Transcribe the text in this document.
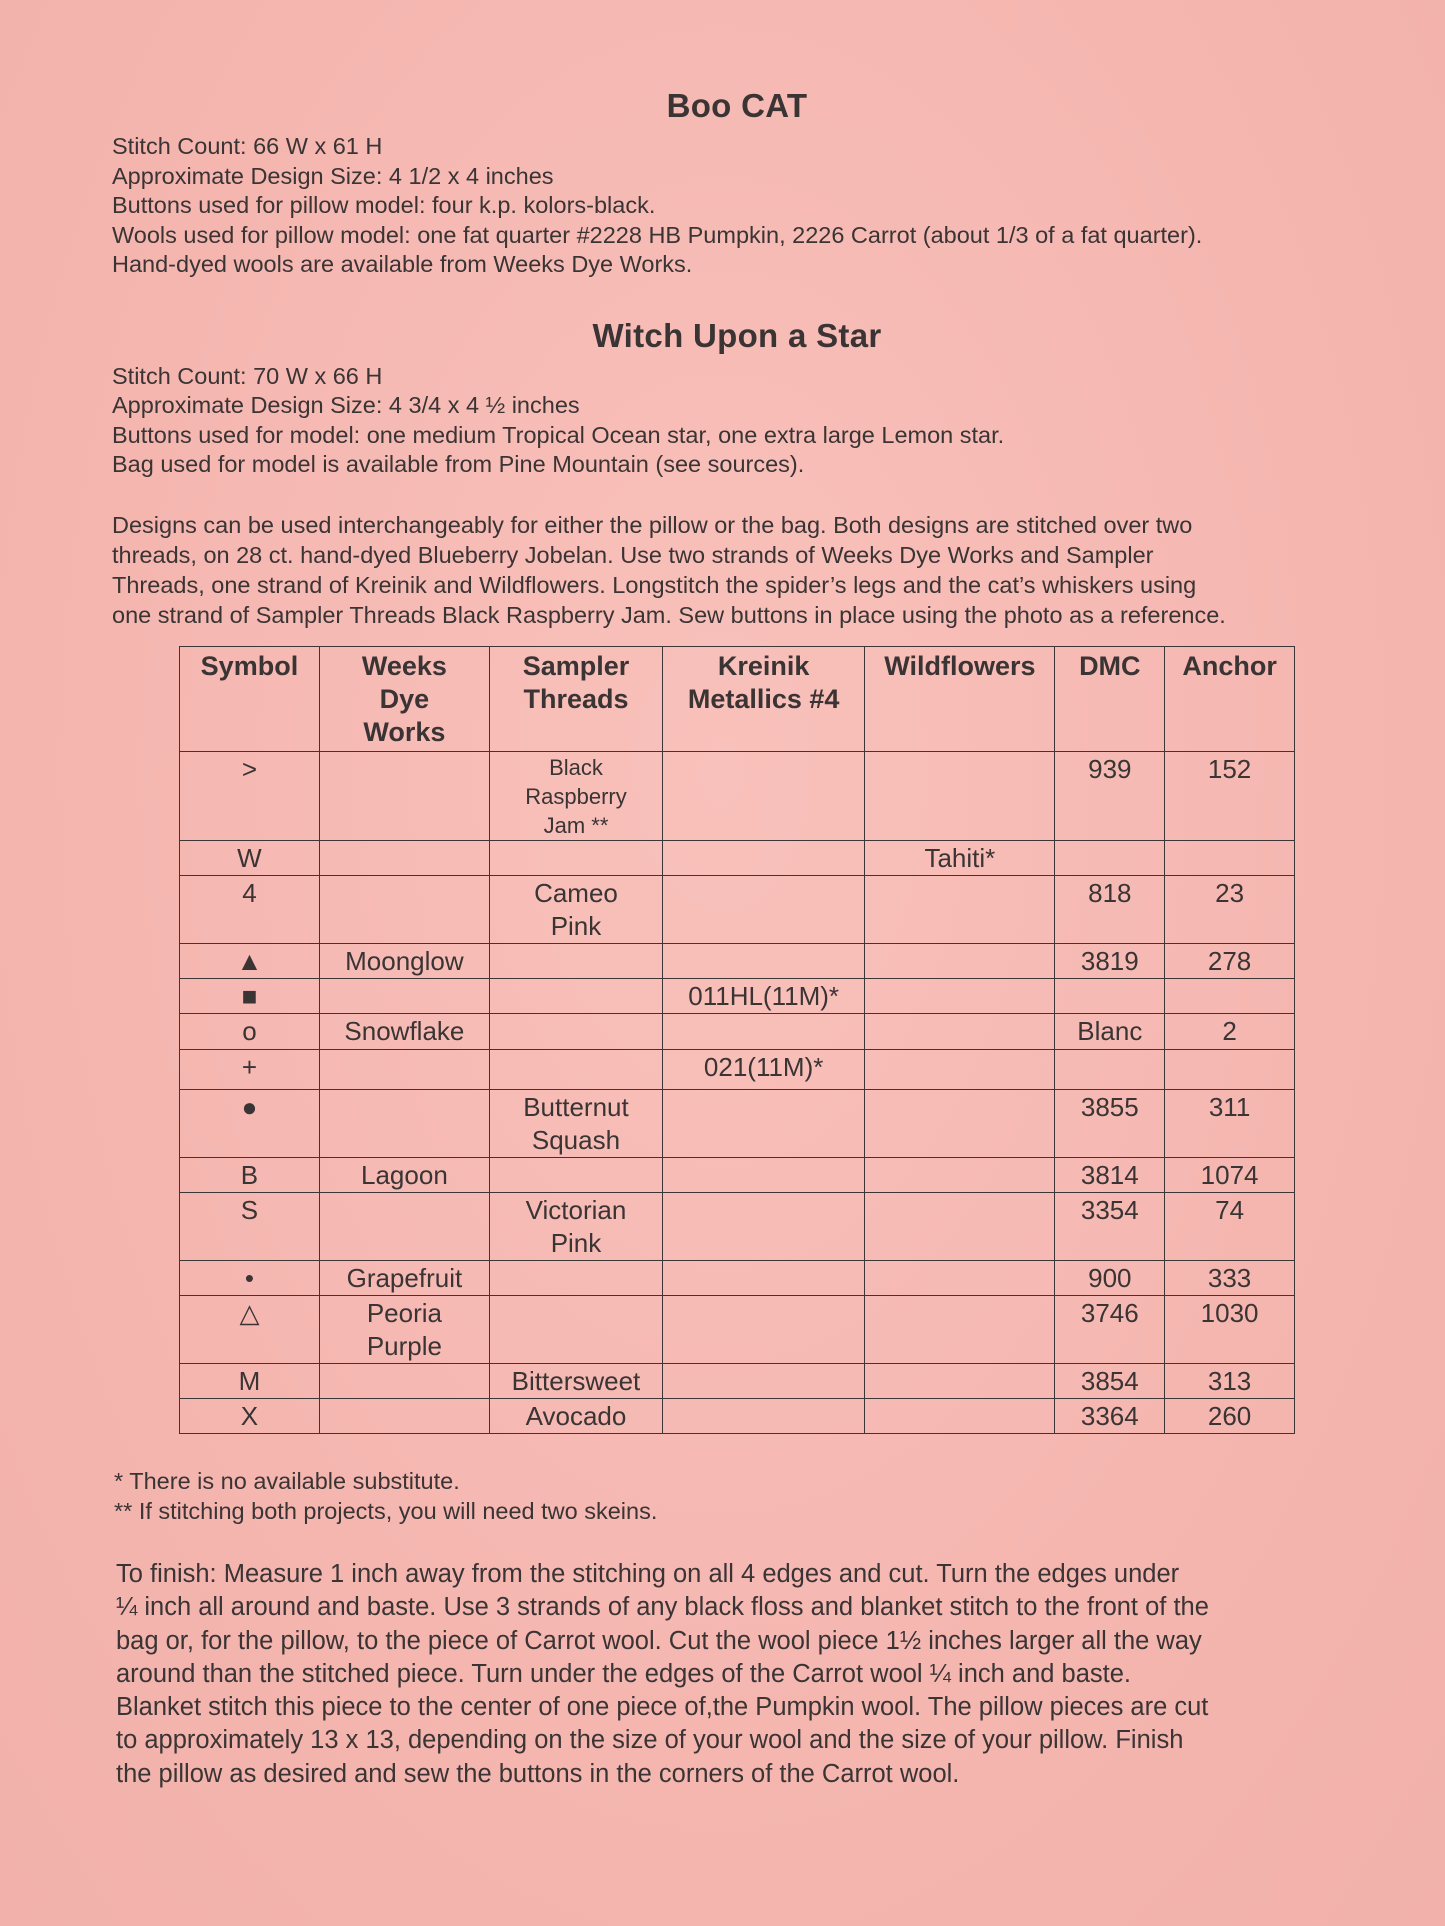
Boo CAT

Stitch Count: 66 W x 61 H

Approximate Design Size: 4 1/2 x 4 inches

Buttons used for pillow model: four k.p. kolors-black.

Wools used for pillow model: one fat quarter #2228 HB Pumpkin, 2226 Carrot (about 1/3 of a fat quarter).

Hand-dyed wools are available from Weeks Dye Works.

Witch Upon a Star

Stitch Count: 70 W x 66 H

Approximate Design Size: 4 3/4 x 4 ½ inches

Buttons used for model: one medium Tropical Ocean star, one extra large Lemon star.

Bag used for model is available from Pine Mountain (see sources).

Designs can be used interchangeably for either the pillow or the bag. Both designs are stitched over two

threads, on 28 ct. hand-dyed Blueberry Jobelan. Use two strands of Weeks Dye Works and Sampler

Threads, one strand of Kreinik and Wildflowers. Longstitch the spider’s legs and the cat’s whiskers using

one strand of Sampler Threads Black Raspberry Jam. Sew buttons in place using the photo as a reference.

Symbol	Weeks
Dye
Works	Sampler
Threads	Kreinik
Metallics #4	Wildflowers	DMC	Anchor
>		Black
Raspberry
Jam **			939	152
W				Tahiti*		
4		Cameo
Pink			818	23
▲	Moonglow				3819	278
■			011HL(11M)*			
o	Snowflake				Blanc	2
+			021(11M)*			
●		Butternut
Squash			3855	311
B	Lagoon				3814	1074
S		Victorian
Pink			3354	74
•	Grapefruit				900	333
△	Peoria
Purple				3746	1030
M		Bittersweet			3854	313
X		Avocado			3364	260

* There is no available substitute.

** If stitching both projects, you will need two skeins.

To finish: Measure 1 inch away from the stitching on all 4 edges and cut. Turn the edges under

¼ inch all around and baste. Use 3 strands of any black floss and blanket stitch to the front of the

bag or, for the pillow, to the piece of Carrot wool. Cut the wool piece 1½ inches larger all the way

around than the stitched piece. Turn under the edges of the Carrot wool ¼ inch and baste.

Blanket stitch this piece to the center of one piece of,the Pumpkin wool. The pillow pieces are cut

to approximately 13 x 13, depending on the size of your wool and the size of your pillow. Finish

the pillow as desired and sew the buttons in the corners of the Carrot wool.
